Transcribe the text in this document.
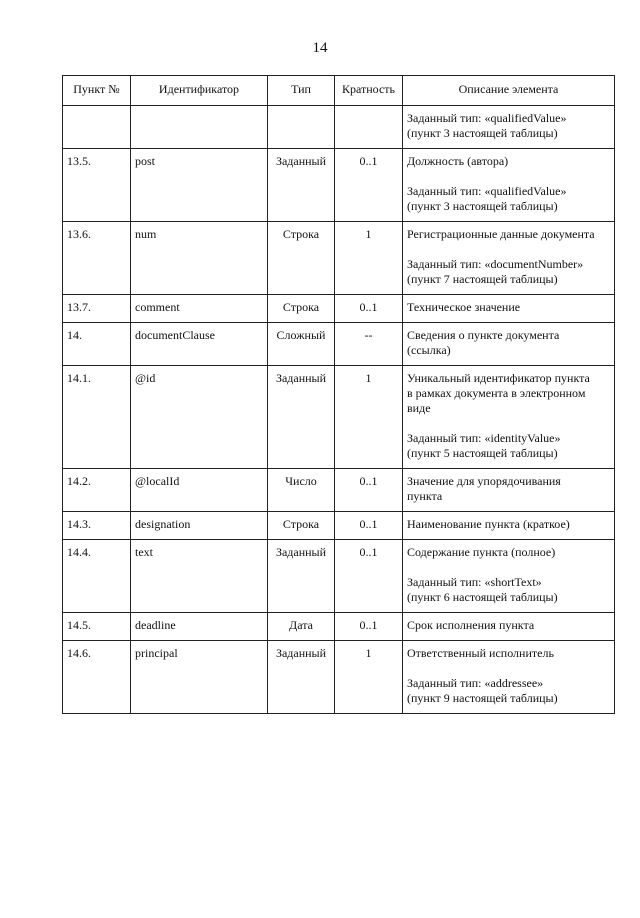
14
Пункт №	Идентификатор	Тип	Кратность	Описание элемента

				Заданный тип: «qualifiedValue»
(пункт 3 настоящей таблицы)

13.5.	post	Заданный	0..1	Должность (автора)
Заданный тип: «qualifiedValue»
(пункт 3 настоящей таблицы)

13.6.	num	Строка	1	Регистрационные данные документа
Заданный тип: «documentNumber»
(пункт 7 настоящей таблицы)

13.7.	comment	Строка	0..1	Техническое значение

14.	documentClause	Сложный	--	Сведения о пункте документа
(ссылка)

14.1.	@id	Заданный	1	Уникальный идентификатор пункта
в рамках документа в электронном
виде
Заданный тип: «identityValue»
(пункт 5 настоящей таблицы)

14.2.	@localId	Число	0..1	Значение для упорядочивания
пункта

14.3.	designation	Строка	0..1	Наименование пункта (краткое)

14.4.	text	Заданный	0..1	Содержание пункта (полное)
Заданный тип: «shortText»
(пункт 6 настоящей таблицы)

14.5.	deadline	Дата	0..1	Срок исполнения пункта

14.6.	principal	Заданный	1	Ответственный исполнитель
Заданный тип: «addressee»
(пункт 9 настоящей таблицы)
